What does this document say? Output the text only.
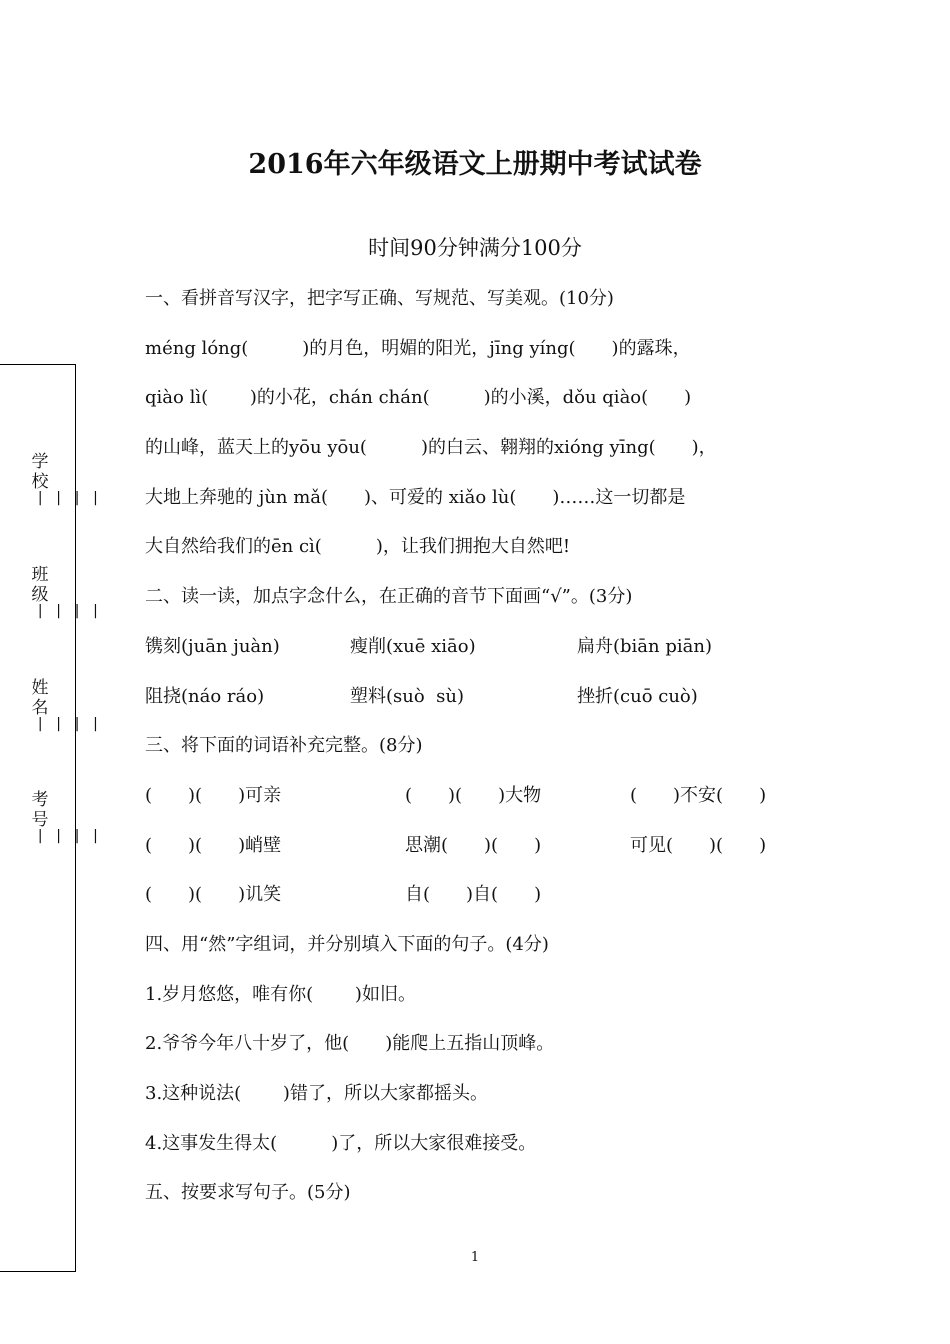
2016年六年级语文上册期中考试试卷
时间90分钟满分100分
学校
||||
班级
||||
姓名
||||
考号
||||
一、看拼音写汉字，把字写正确、写规范、写美观。(10分)
méng lóng(　　　)的月色，明媚的阳光，jīng yíng(　　)的露珠，
qiào lì(　　 )的小花，chán chán(　　　)的小溪，dǒu qiào(　　)
的山峰，蓝天上的yōu yōu(　　　)的白云、翱翔的xióng yīng(　　)，
大地上奔驰的 jùn mǎ(　　)、可爱的 xiǎo lù(　　)……这一切都是
大自然给我们的ēn cì(　　　)，让我们拥抱大自然吧!
二、读一读，加点字念什么，在正确的音节下面画“√”。(3分)
镌刻(juān juàn)	瘦削(xuē xiāo)	扁舟(biān piān)
阻挠(náo ráo)	塑料(suò  sù)	挫折(cuō cuò)
三、将下面的词语补充完整。(8分)
(　　)(　　)可亲	(　　)(　　)大物	(　　)不安(　　)
(　　)(　　)峭壁	思潮(　　)(　　)	可见(　　)(　　)
(　　)(　　)讥笑	自(　　)自(　　)
四、用“然”字组词，并分别填入下面的句子。(4分)
1.岁月悠悠，唯有你(　　 )如旧。
2.爷爷今年八十岁了，他(　　)能爬上五指山顶峰。
3.这种说法(　　 )错了，所以大家都摇头。
4.这事发生得太(　　　)了，所以大家很难接受。
五、按要求写句子。(5分)
1
